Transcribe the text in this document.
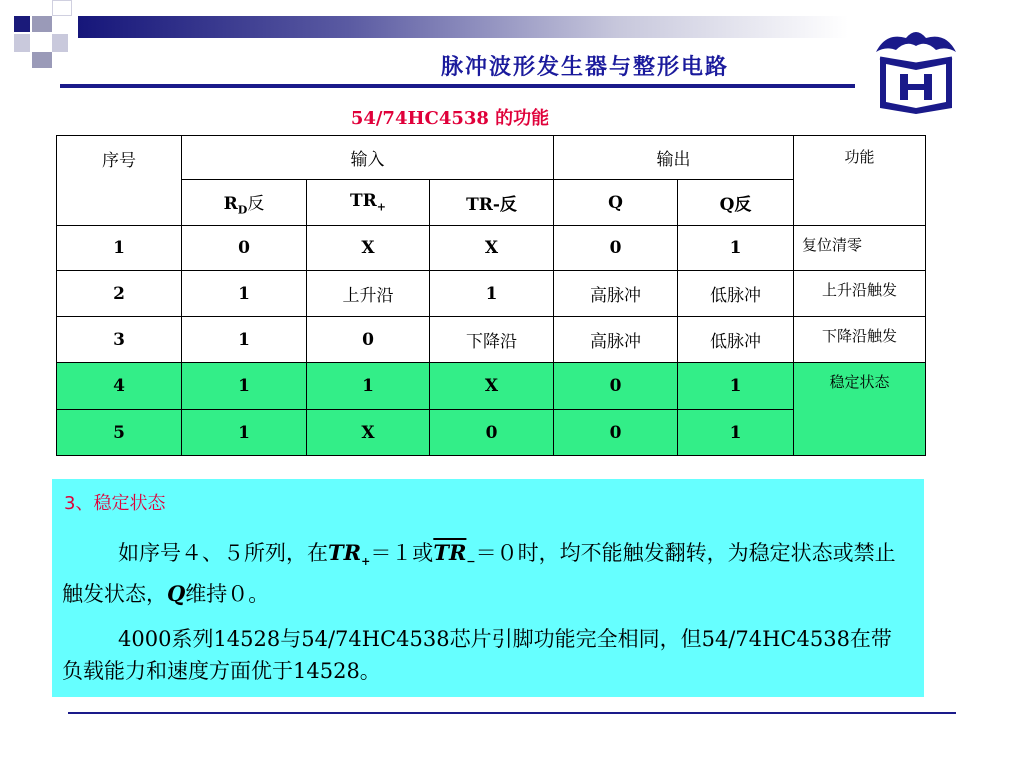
脉冲波形发生器与整形电路
54/74HC4538 的功能
序号	输入			输出		功能
	$R_D$反	$TR_+$	TR-反	Q	Q反	
1	0	X	X	0	1	复位清零
2	1	上升沿	1	高脉冲	低脉冲	上升沿触发
3	1	0	下降沿	高脉冲	低脉冲	下降沿触发
4	1	1	X	0	1	稳定状态
5	1	X	0	0	1	
3、稳定状态
如序号４、５所列，在$TR_+=1$或$\overline{TR}_-=0$时，均不能触发翻转，为稳定状态或禁止触发状态，Q维持０。
4000系列14528与54/74HC4538芯片引脚功能完全相同，但54/74HC4538在带负载能力和速度方面优于14528。
